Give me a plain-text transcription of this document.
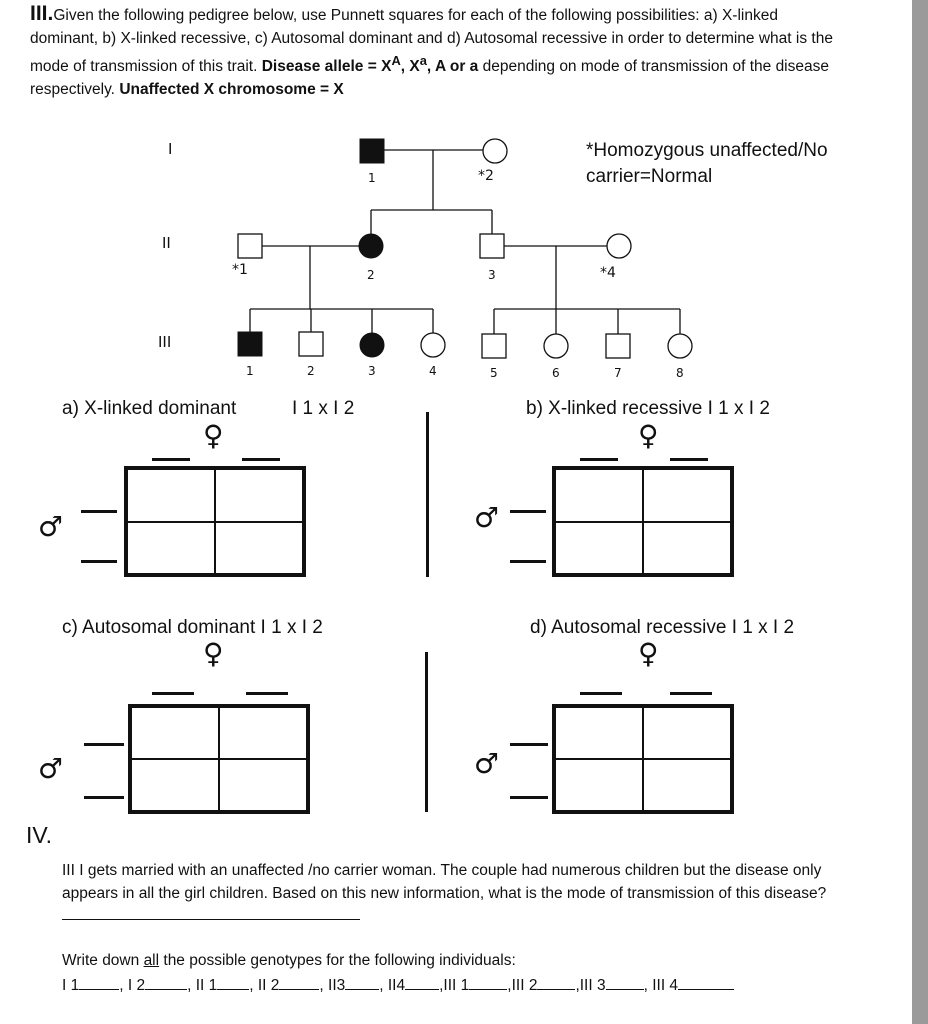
III.Given the following pedigree below, use Punnett squares for each of the following possibilities: a) X-linked dominant, b) X-linked recessive, c) Autosomal dominant and d) Autosomal recessive in order to determine what is the mode of transmission of this trait. Disease allele = $X^A$, $X^a$, A or a depending on mode of transmission of the disease respectively. Unaffected X chromosome = X
I
II
III
1	*2
*1	2	3	*4
1	2	3	4	5	6	7	8
*Homozygous unaffected/No carrier=Normal
a) X-linked dominant	I 1 x I 2
♀
♂
b) X-linked recessive I 1 x I 2
♀
♂
c) Autosomal dominant I 1 x I 2
♀
♂
d) Autosomal recessive I 1 x I 2
♀
♂
IV.
III I gets married with an unaffected /no carrier woman. The couple had numerous children but the disease only appears in all the girl children. Based on this new information, what is the mode of transmission of this disease?
Write down all the possible genotypes for the following individuals:
I 1	, I 2	, II 1 , II 2	, II3 , II4 ,III 1 ,III 2 ,III 3 , III 4
